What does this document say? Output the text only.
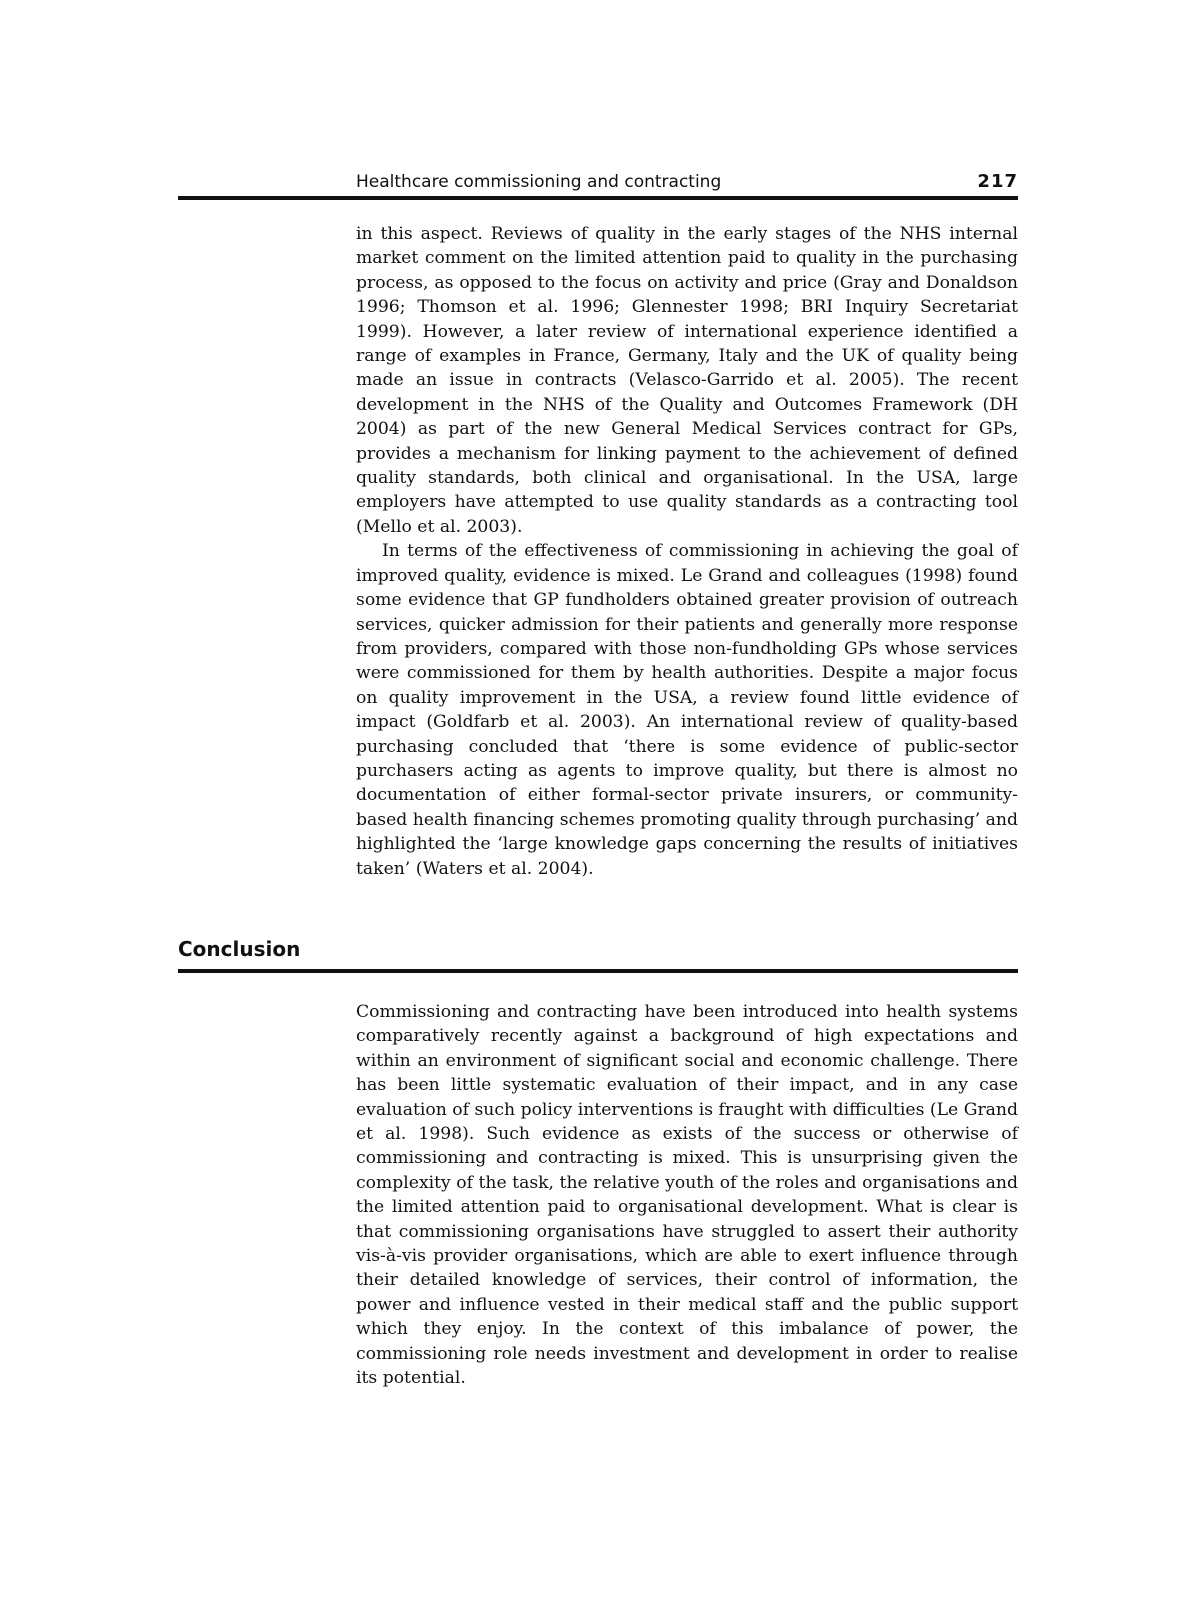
Healthcare commissioning and contracting	217

in this aspect. Reviews of quality in the early stages of the NHS internal market comment on the limited attention paid to quality in the purchasing process, as opposed to the focus on activity and price (Gray and Donaldson 1996; Thomson et al. 1996; Glennester 1998; BRI Inquiry Secretariat 1999). However, a later review of international experience identified a range of examples in France, Germany, Italy and the UK of quality being made an issue in contracts (Velasco-Garrido et al. 2005). The recent development in the NHS of the Quality and Outcomes Framework (DH 2004) as part of the new General Medical Services contract for GPs, provides a mechanism for linking payment to the achievement of defined quality standards, both clinical and organisational. In the USA, large employers have attempted to use quality standards as a contracting tool (Mello et al. 2003).

In terms of the effectiveness of commissioning in achieving the goal of improved quality, evidence is mixed. Le Grand and colleagues (1998) found some evidence that GP fundholders obtained greater provision of outreach services, quicker admission for their patients and generally more response from providers, compared with those non-fundholding GPs whose services were commissioned for them by health authorities. Despite a major focus on quality improvement in the USA, a review found little evidence of impact (Goldfarb et al. 2003). An international review of quality-based purchasing concluded that ‘there is some evidence of public-sector purchasers acting as agents to improve quality, but there is almost no documentation of either formal-sector private insurers, or community-based health financing schemes promoting quality through purchasing’ and highlighted the ‘large knowledge gaps concerning the results of initiatives taken’ (Waters et al. 2004).

Conclusion

Commissioning and contracting have been introduced into health systems comparatively recently against a background of high expectations and within an environment of significant social and economic challenge. There has been little systematic evaluation of their impact, and in any case evaluation of such policy interventions is fraught with difficulties (Le Grand et al. 1998). Such evidence as exists of the success or otherwise of commissioning and contracting is mixed. This is unsurprising given the complexity of the task, the relative youth of the roles and organisations and the limited attention paid to organisational development. What is clear is that commissioning organisations have struggled to assert their authority vis-à-vis provider organisations, which are able to exert influence through their detailed knowledge of services, their control of information, the power and influence vested in their medical staff and the public support which they enjoy. In the context of this imbalance of power, the commissioning role needs investment and development in order to realise its potential.
